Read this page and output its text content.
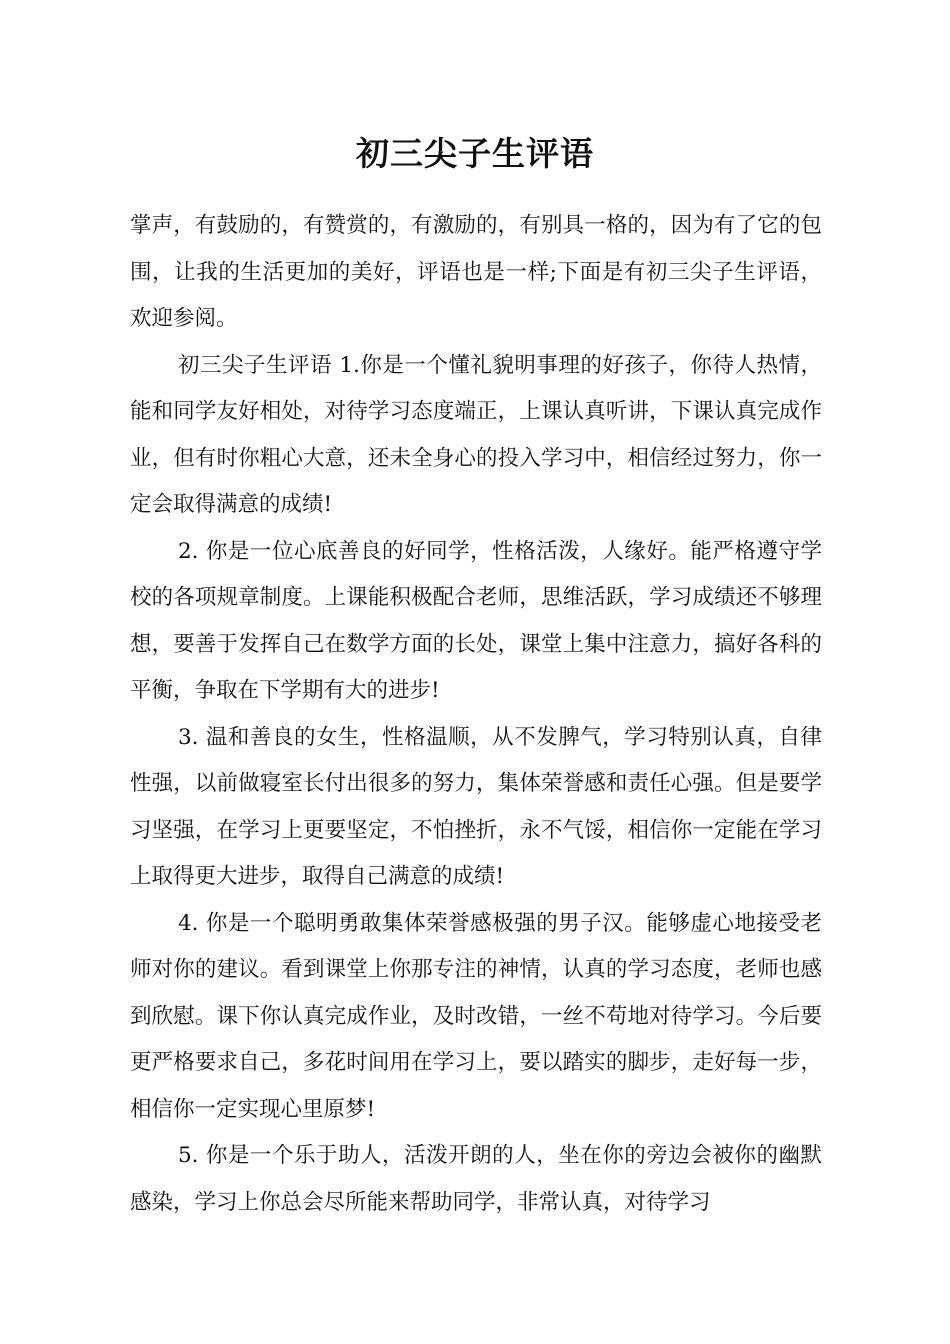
初三尖子生评语

掌声，有鼓励的，有赞赏的，有激励的，有别具一格的，因为有了它的包围，让我的生活更加的美好，评语也是一样;下面是有初三尖子生评语，欢迎参阅。

初三尖子生评语 1.你是一个懂礼貌明事理的好孩子，你待人热情，能和同学友好相处，对待学习态度端正，上课认真听讲，下课认真完成作业，但有时你粗心大意，还未全身心的投入学习中，相信经过努力，你一定会取得满意的成绩!

2. 你是一位心底善良的好同学，性格活泼，人缘好。能严格遵守学校的各项规章制度。上课能积极配合老师，思维活跃，学习成绩还不够理想，要善于发挥自己在数学方面的长处，课堂上集中注意力，搞好各科的平衡，争取在下学期有大的进步!

3. 温和善良的女生，性格温顺，从不发脾气，学习特别认真，自律性强，以前做寝室长付出很多的努力，集体荣誉感和责任心强。但是要学习坚强，在学习上更要坚定，不怕挫折，永不气馁，相信你一定能在学习上取得更大进步，取得自己满意的成绩!

4. 你是一个聪明勇敢集体荣誉感极强的男子汉。能够虚心地接受老师对你的建议。看到课堂上你那专注的神情，认真的学习态度，老师也感到欣慰。课下你认真完成作业，及时改错，一丝不苟地对待学习。今后要更严格要求自己，多花时间用在学习上，要以踏实的脚步，走好每一步，相信你一定实现心里原梦!

5. 你是一个乐于助人，活泼开朗的人，坐在你的旁边会被你的幽默感染，学习上你总会尽所能来帮助同学，非常认真，对待学习
